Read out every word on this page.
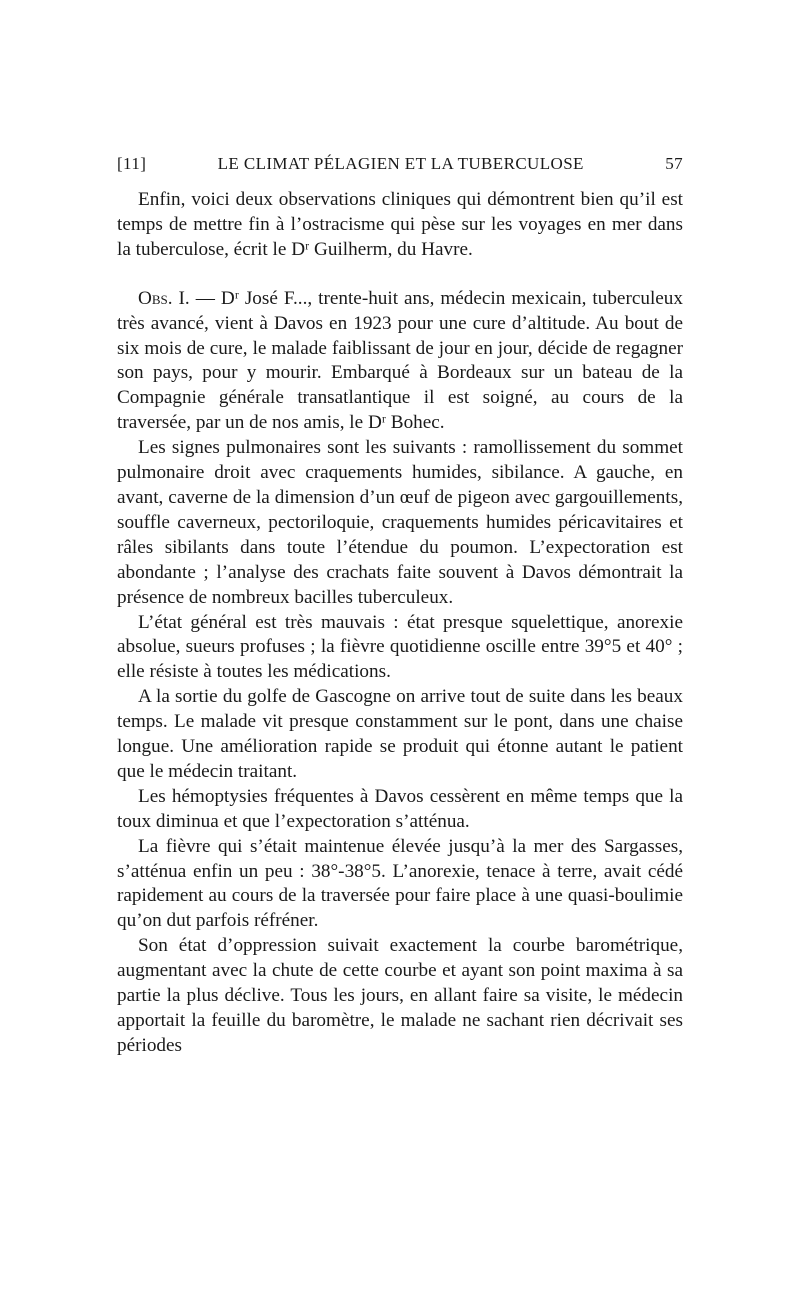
[11]	LE CLIMAT PÉLAGIEN ET LA TUBERCULOSE	57

Enfin, voici deux observations cliniques qui démontrent bien qu’il est temps de mettre fin à l’ostracisme qui pèse sur les voyages en mer dans la tuberculose, écrit le Dʳ Guilherm, du Havre.

Obs. I. — Dʳ José F..., trente-huit ans, médecin mexicain, tuberculeux très avancé, vient à Davos en 1923 pour une cure d’altitude. Au bout de six mois de cure, le malade faiblissant de jour en jour, décide de regagner son pays, pour y mourir. Embarqué à Bordeaux sur un bateau de la Compagnie générale transatlantique il est soigné, au cours de la traversée, par un de nos amis, le Dʳ Bohec.

Les signes pulmonaires sont les suivants : ramollissement du sommet pulmonaire droit avec craquements humides, sibilance. A gauche, en avant, caverne de la dimension d’un œuf de pigeon avec gargouillements, souffle caverneux, pectoriloquie, craquements humides péricavitaires et râles sibilants dans toute l’étendue du poumon. L’expectoration est abondante ; l’analyse des crachats faite souvent à Davos démontrait la présence de nombreux bacilles tuberculeux.

L’état général est très mauvais : état presque squelettique, anorexie absolue, sueurs profuses ; la fièvre quotidienne oscille entre 39°5 et 40° ; elle résiste à toutes les médications.

A la sortie du golfe de Gascogne on arrive tout de suite dans les beaux temps. Le malade vit presque constamment sur le pont, dans une chaise longue. Une amélioration rapide se produit qui étonne autant le patient que le médecin traitant.

Les hémoptysies fréquentes à Davos cessèrent en même temps que la toux diminua et que l’expectoration s’atténua.

La fièvre qui s’était maintenue élevée jusqu’à la mer des Sargasses, s’atténua enfin un peu : 38°-38°5. L’anorexie, tenace à terre, avait cédé rapidement au cours de la traversée pour faire place à une quasi-boulimie qu’on dut parfois réfréner.

Son état d’oppression suivait exactement la courbe barométrique, augmentant avec la chute de cette courbe et ayant son point maxima à sa partie la plus déclive. Tous les jours, en allant faire sa visite, le médecin apportait la feuille du baromètre, le malade ne sachant rien décrivait ses périodes
